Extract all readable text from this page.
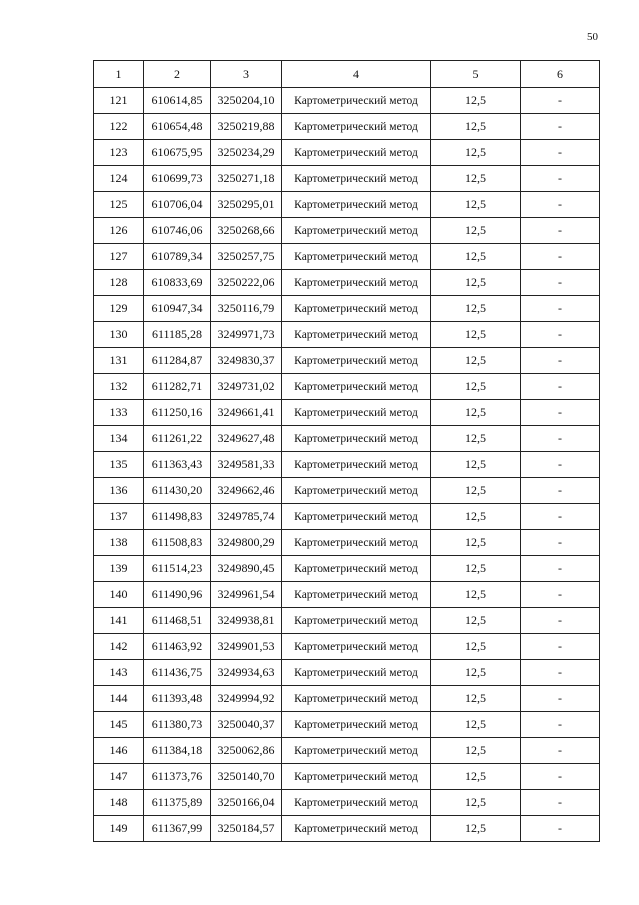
50
1	2	3	4	5	6
121	610614,85	3250204,10	Картометрический метод	12,5	-
122	610654,48	3250219,88	Картометрический метод	12,5	-
123	610675,95	3250234,29	Картометрический метод	12,5	-
124	610699,73	3250271,18	Картометрический метод	12,5	-
125	610706,04	3250295,01	Картометрический метод	12,5	-
126	610746,06	3250268,66	Картометрический метод	12,5	-
127	610789,34	3250257,75	Картометрический метод	12,5	-
128	610833,69	3250222,06	Картометрический метод	12,5	-
129	610947,34	3250116,79	Картометрический метод	12,5	-
130	611185,28	3249971,73	Картометрический метод	12,5	-
131	611284,87	3249830,37	Картометрический метод	12,5	-
132	611282,71	3249731,02	Картометрический метод	12,5	-
133	611250,16	3249661,41	Картометрический метод	12,5	-
134	611261,22	3249627,48	Картометрический метод	12,5	-
135	611363,43	3249581,33	Картометрический метод	12,5	-
136	611430,20	3249662,46	Картометрический метод	12,5	-
137	611498,83	3249785,74	Картометрический метод	12,5	-
138	611508,83	3249800,29	Картометрический метод	12,5	-
139	611514,23	3249890,45	Картометрический метод	12,5	-
140	611490,96	3249961,54	Картометрический метод	12,5	-
141	611468,51	3249938,81	Картометрический метод	12,5	-
142	611463,92	3249901,53	Картометрический метод	12,5	-
143	611436,75	3249934,63	Картометрический метод	12,5	-
144	611393,48	3249994,92	Картометрический метод	12,5	-
145	611380,73	3250040,37	Картометрический метод	12,5	-
146	611384,18	3250062,86	Картометрический метод	12,5	-
147	611373,76	3250140,70	Картометрический метод	12,5	-
148	611375,89	3250166,04	Картометрический метод	12,5	-
149	611367,99	3250184,57	Картометрический метод	12,5	-
